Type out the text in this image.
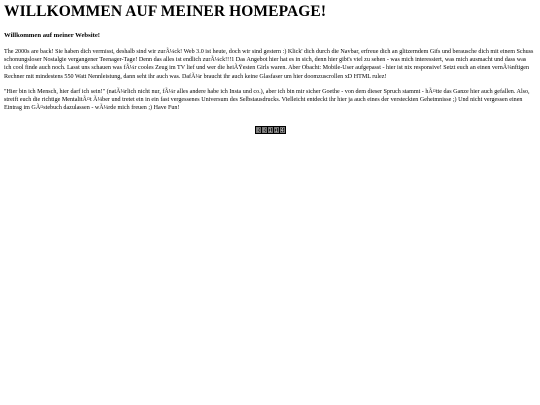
WILLKOMMEN AUF MEINER HOMEPAGE!
Willkommen auf meiner Website!

The 2000s are back! Sie haben dich vermisst, deshalb sind wir zurÃ¼ck! Web 3.0 ist heute, doch wir sind gestern :) Klick' dich durch die Navbar, erfreue dich an glitzerndem Gifs und berausche dich mit einem Schuss schonungsloser Nostalgie vergangener Teenager-Tage! Denn das alles ist endlich zurÃ¼ck!!!1 Das Angebot hier hat es in sich, denn hier gibt's viel zu sehen - was mich interessiert, was mich ausmacht und dass was ich cool finde auch noch. Lasst uns schauen was fÃ¼r cooles Zeug im TV lief und wer die heiÃŸesten Girls waren. Aber Obacht: Mobile-User aufgepasst - hier ist nix responsive! Setzt euch an einen vernÃ¼nftigen Rechner mit mindestens 550 Watt Nennleistung, dann seht ihr auch was. DafÃ¼r braucht ihr auch keine Glasfaser um hier doomzuscrollen xD HTML rulez!

"Hier bin ich Mensch, hier darf ich sein!" (natÃ¼rlich nicht nur, fÃ¼r alles andere habe ich Insta und co.), aber ich bin mir sicher Goethe - von dem dieser Spruch stammt - hÃ¤tte das Ganze hier auch gefallen. Also, streift euch die richtige MentalitÃ¤t Ã¼ber und tretet ein in ein fast vergessenes Universum des Selbstausdrucks. Vielleicht entdeckt ihr hier ja auch eines der versteckten Geheimnisse ;) Und nicht vergessen einen Eintrag im GÃ¤stebuch dazulassen - wÃ¼rde mich freuen ;) Have Fun!

0 0 1 1 4
